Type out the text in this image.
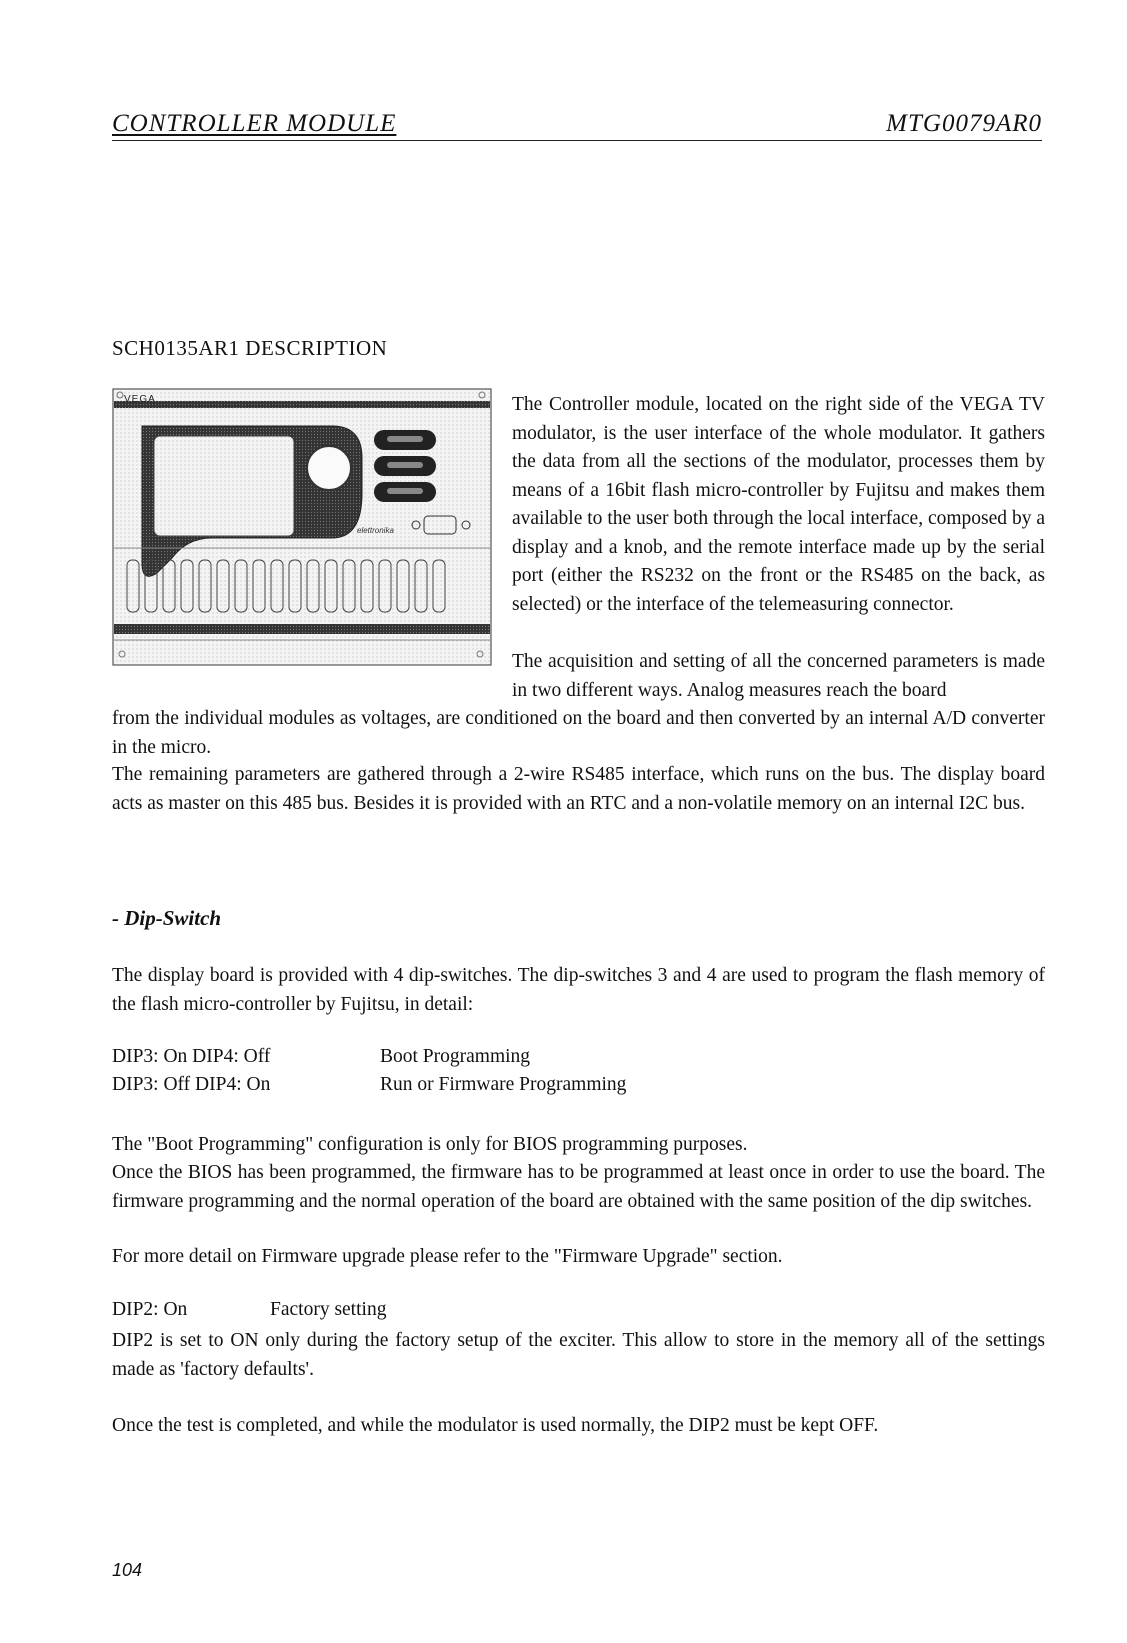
CONTROLLER MODULE	MTG0079AR0
SCH0135AR1 DESCRIPTION
VEGA
elettronika

The Controller module, located on the right side of the VEGA TV modulator, is the user interface of the whole modulator. It gathers the data from all the sections of the modulator, processes them by means of a 16bit flash micro-controller by Fujitsu and makes them available to the user both through the local interface, composed by a display and a knob, and the remote interface made up by the serial port (either the RS232 on the front or the RS485 on the back, as selected) or the interface of the telemeasuring connector.

The acquisition and setting of all the concerned parameters is made in two different ways. Analog measures reach the board

from the individual modules as voltages, are conditioned on the board and then converted by an internal A/D converter in the micro.

The remaining parameters are gathered through a 2-wire RS485 interface, which runs on the bus. The display board acts as master on this 485 bus. Besides it is provided with an RTC and a non-volatile memory on an internal I2C bus.

- Dip-Switch

The display board is provided with 4 dip-switches. The dip-switches 3 and 4 are used to program the flash memory of the flash micro-controller by Fujitsu, in detail:

DIP3: On DIP4: Off	Boot Programming
DIP3: Off DIP4: On	Run or Firmware Programming

The "Boot Programming" configuration is only for BIOS programming purposes.

Once the BIOS has been programmed, the firmware has to be programmed at least once in order to use the board. The firmware programming and the normal operation of the board are obtained with the same position of the dip switches.

For more detail on Firmware upgrade please refer to the "Firmware Upgrade" section.

DIP2: On	Factory setting

DIP2 is set to ON only during the factory setup of the exciter. This allow to store in the memory all of the settings made as 'factory defaults'.

Once the test is completed, and while the modulator is used normally, the DIP2 must be kept OFF.

104
